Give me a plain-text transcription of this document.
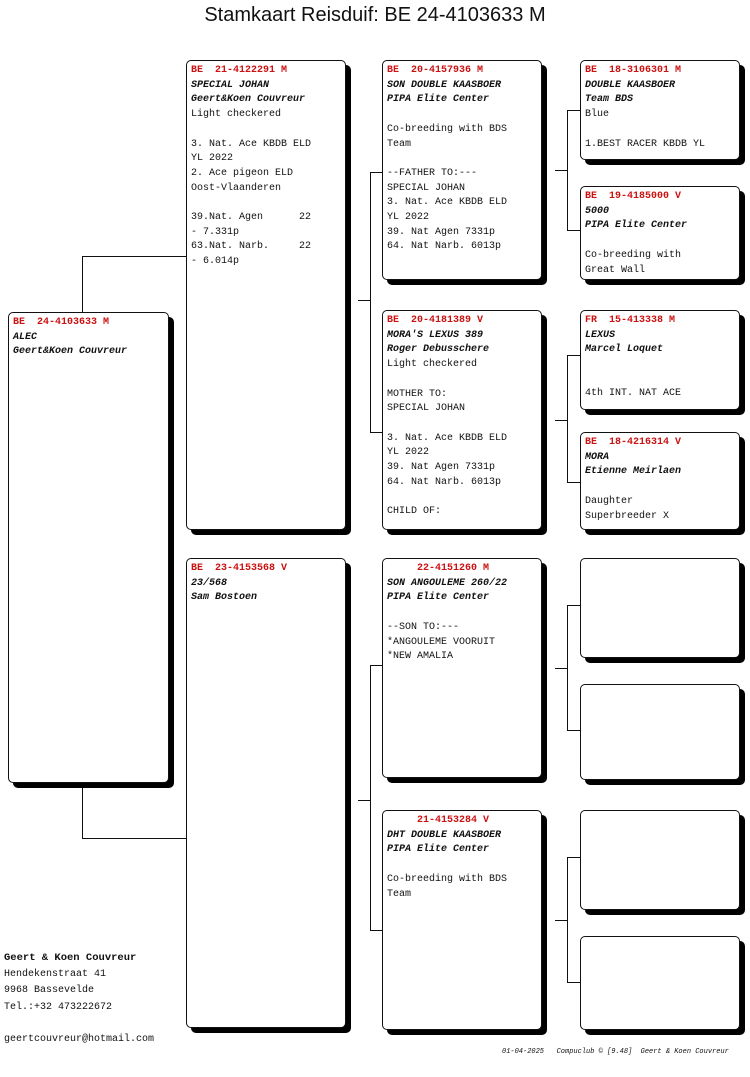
Stamkaart Reisduif: BE 24-4103633 M
BE  24-4103633 M
ALEC
Geert&Koen Couvreur
BE  21-4122291 M
SPECIAL JOHAN
Geert&Koen Couvreur
Light checkered
3. Nat. Ace KBDB ELD
YL 2022
2. Ace pigeon ELD
Oost-Vlaanderen
39.Nat. Agen      22
- 7.331p
63.Nat. Narb.     22
- 6.014p
BE  23-4153568 V
23/568
Sam Bostoen
BE  20-4157936 M
SON DOUBLE KAASBOER
PIPA Elite Center
Co-breeding with BDS
Team
--FATHER TO:---
SPECIAL JOHAN
3. Nat. Ace KBDB ELD
YL 2022
39. Nat Agen 7331p
64. Nat Narb. 6013p
BE  20-4181389 V
MORA'S LEXUS 389
Roger Debusschere
Light checkered
MOTHER TO:
SPECIAL JOHAN
3. Nat. Ace KBDB ELD
YL 2022
39. Nat Agen 7331p
64. Nat Narb. 6013p
CHILD OF:
22-4151260 M
SON ANGOULEME 260/22
PIPA Elite Center
--SON TO:---
*ANGOULEME VOORUIT
*NEW AMALIA
21-4153284 V
DHT DOUBLE KAASBOER
PIPA Elite Center
Co-breeding with BDS
Team
BE  18-3106301 M
DOUBLE KAASBOER
Team BDS
Blue
1.BEST RACER KBDB YL
BE  19-4185000 V
5000
PIPA Elite Center
Co-breeding with
Great Wall
FR  15-413338 M
LEXUS
Marcel Loquet
4th INT. NAT ACE
BE  18-4216314 V
MORA
Etienne Meirlaen
Daughter
Superbreeder X
Geert & Koen Couvreur
Hendekenstraat 41
9968 Bassevelde
Tel.:+32 473222672
geertcouvreur@hotmail.com
01-04-2025   Compuclub © [9.48]  Geert & Koen Couvreur
